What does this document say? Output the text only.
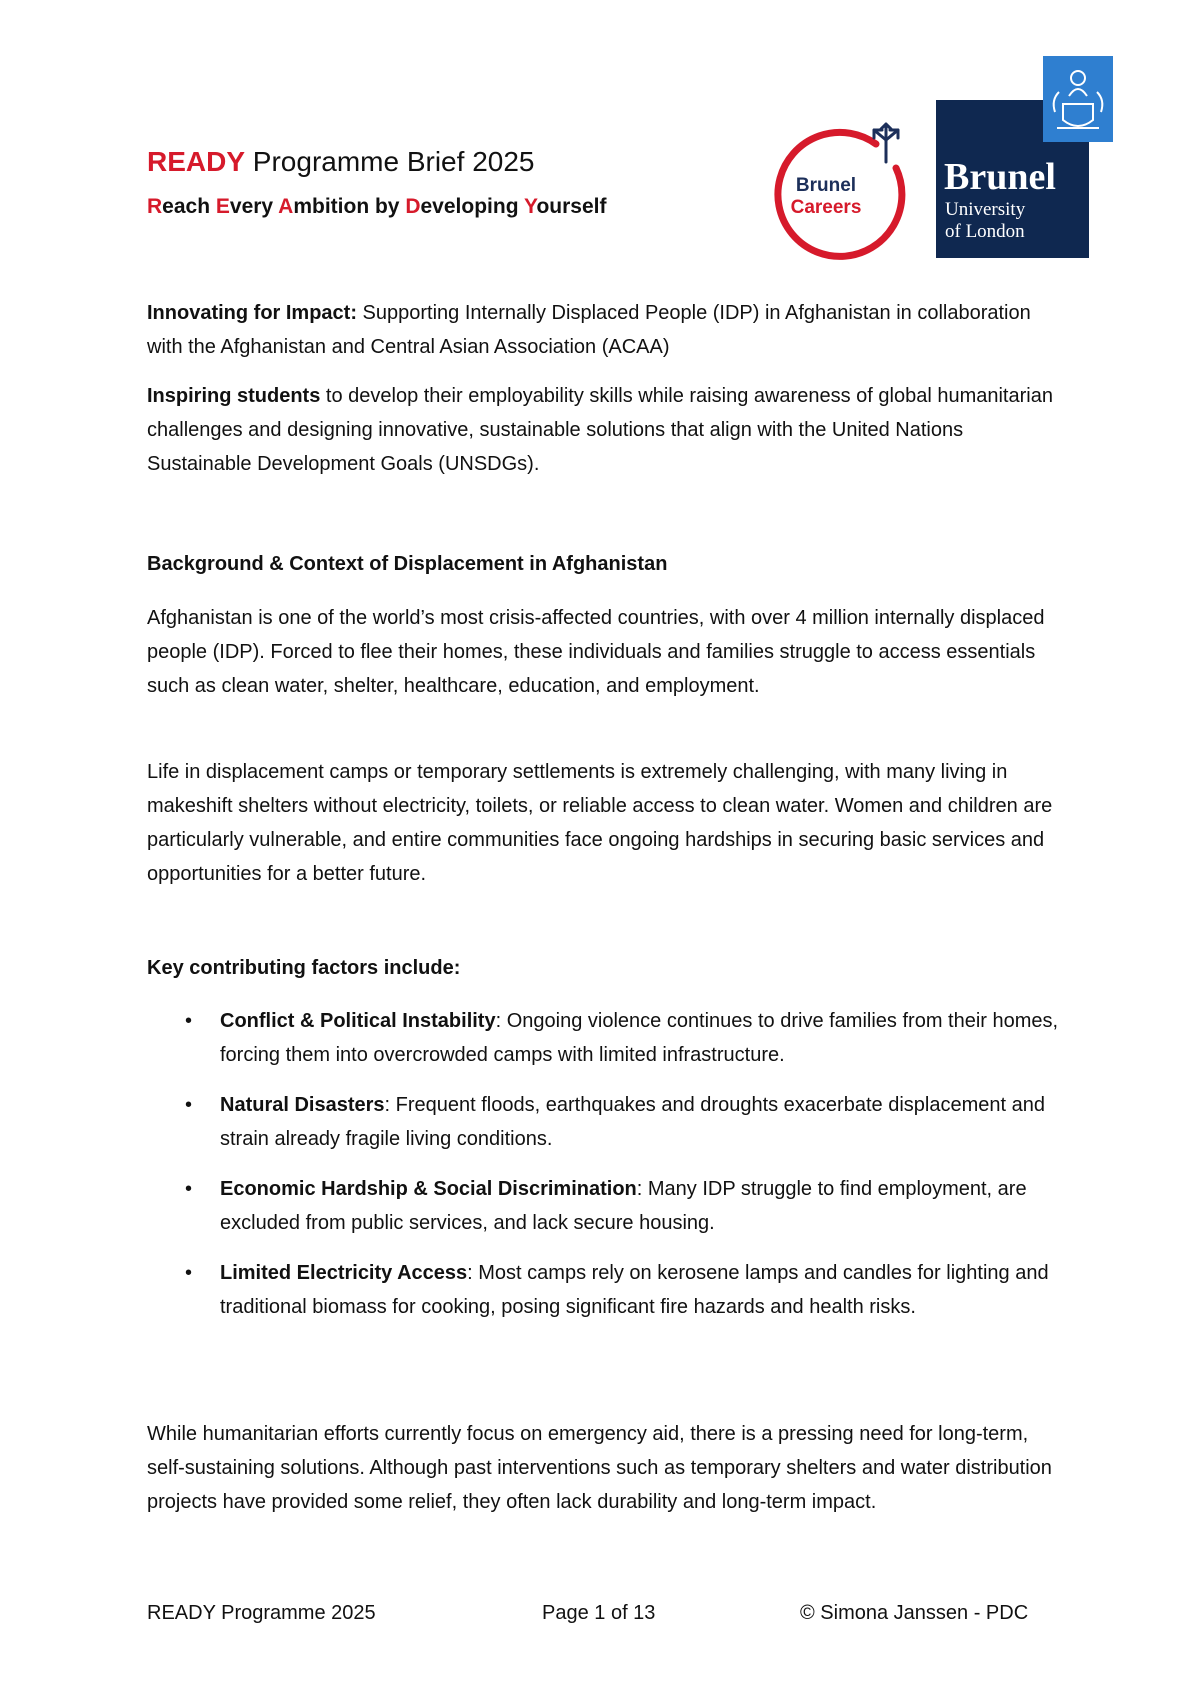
READY Programme Brief 2025
Reach Every Ambition by Developing Yourself
Brunel
Careers
Brunel
University
of London

Innovating for Impact: Supporting Internally Displaced People (IDP) in Afghanistan in collaboration with the Afghanistan and Central Asian Association (ACAA)

Inspiring students to develop their employability skills while raising awareness of global humanitarian challenges and designing innovative, sustainable solutions that align with the United Nations Sustainable Development Goals (UNSDGs).

Background & Context of Displacement in Afghanistan

Afghanistan is one of the world’s most crisis-affected countries, with over 4 million internally displaced people (IDP). Forced to flee their homes, these individuals and families struggle to access essentials such as clean water, shelter, healthcare, education, and employment.

Life in displacement camps or temporary settlements is extremely challenging, with many living in makeshift shelters without electricity, toilets, or reliable access to clean water. Women and children are particularly vulnerable, and entire communities face ongoing hardships in securing basic services and opportunities for a better future.

Key contributing factors include:
• Conflict & Political Instability: Ongoing violence continues to drive families from their homes, forcing them into overcrowded camps with limited infrastructure.
• Natural Disasters: Frequent floods, earthquakes and droughts exacerbate displacement and strain already fragile living conditions.
• Economic Hardship & Social Discrimination: Many IDP struggle to find employment, are excluded from public services, and lack secure housing.
• Limited Electricity Access: Most camps rely on kerosene lamps and candles for lighting and traditional biomass for cooking, posing significant fire hazards and health risks.

While humanitarian efforts currently focus on emergency aid, there is a pressing need for long-term, self-sustaining solutions. Although past interventions such as temporary shelters and water distribution projects have provided some relief, they often lack durability and long-term impact.

READY Programme 2025	Page 1 of 13	© Simona Janssen - PDC
